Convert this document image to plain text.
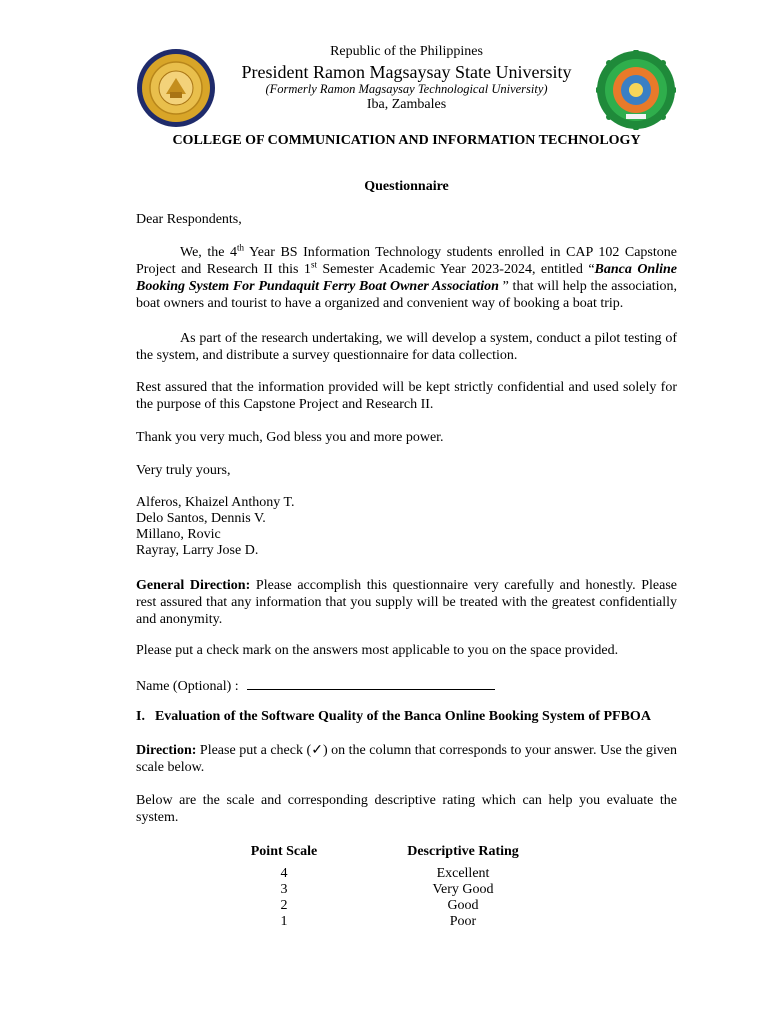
Republic of the Philippines
President Ramon Magsaysay State University
(Formerly Ramon Magsaysay Technological University)
Iba, Zambales
COLLEGE OF COMMUNICATION AND INFORMATION TECHNOLOGY
Questionnaire
Dear Respondents,
We, the 4th Year BS Information Technology students enrolled in CAP 102 Capstone Project and Research II this 1st Semester Academic Year 2023-2024, entitled “Banca Online Booking System For Pundaquit Ferry Boat Owner Association ” that will help the association, boat owners and tourist to have a organized and convenient way of booking a boat trip.
As part of the research undertaking, we will develop a system, conduct a pilot testing of the system, and distribute a survey questionnaire for data collection.
Rest assured that the information provided will be kept strictly confidential and used solely for the purpose of this Capstone Project and Research II.
Thank you very much, God bless you and more power.
Very truly yours,
Alferos, Khaizel Anthony T.
Delo Santos, Dennis V.
Millano, Rovic
Rayray, Larry Jose D.
General Direction: Please accomplish this questionnaire very carefully and honestly. Please rest assured that any information that you supply will be treated with the greatest confidentially and anonymity.
Please put a check mark on the answers most applicable to you on the space provided.
Name (Optional) :
I. Evaluation of the Software Quality of the Banca Online Booking System of PFBOA
Direction: Please put a check (✓) on the column that corresponds to your answer. Use the given scale below.
Below are the scale and corresponding descriptive rating which can help you evaluate the system.
Point Scale		Descriptive Rating
4		Excellent
3		Very Good
2		Good
1		Poor
